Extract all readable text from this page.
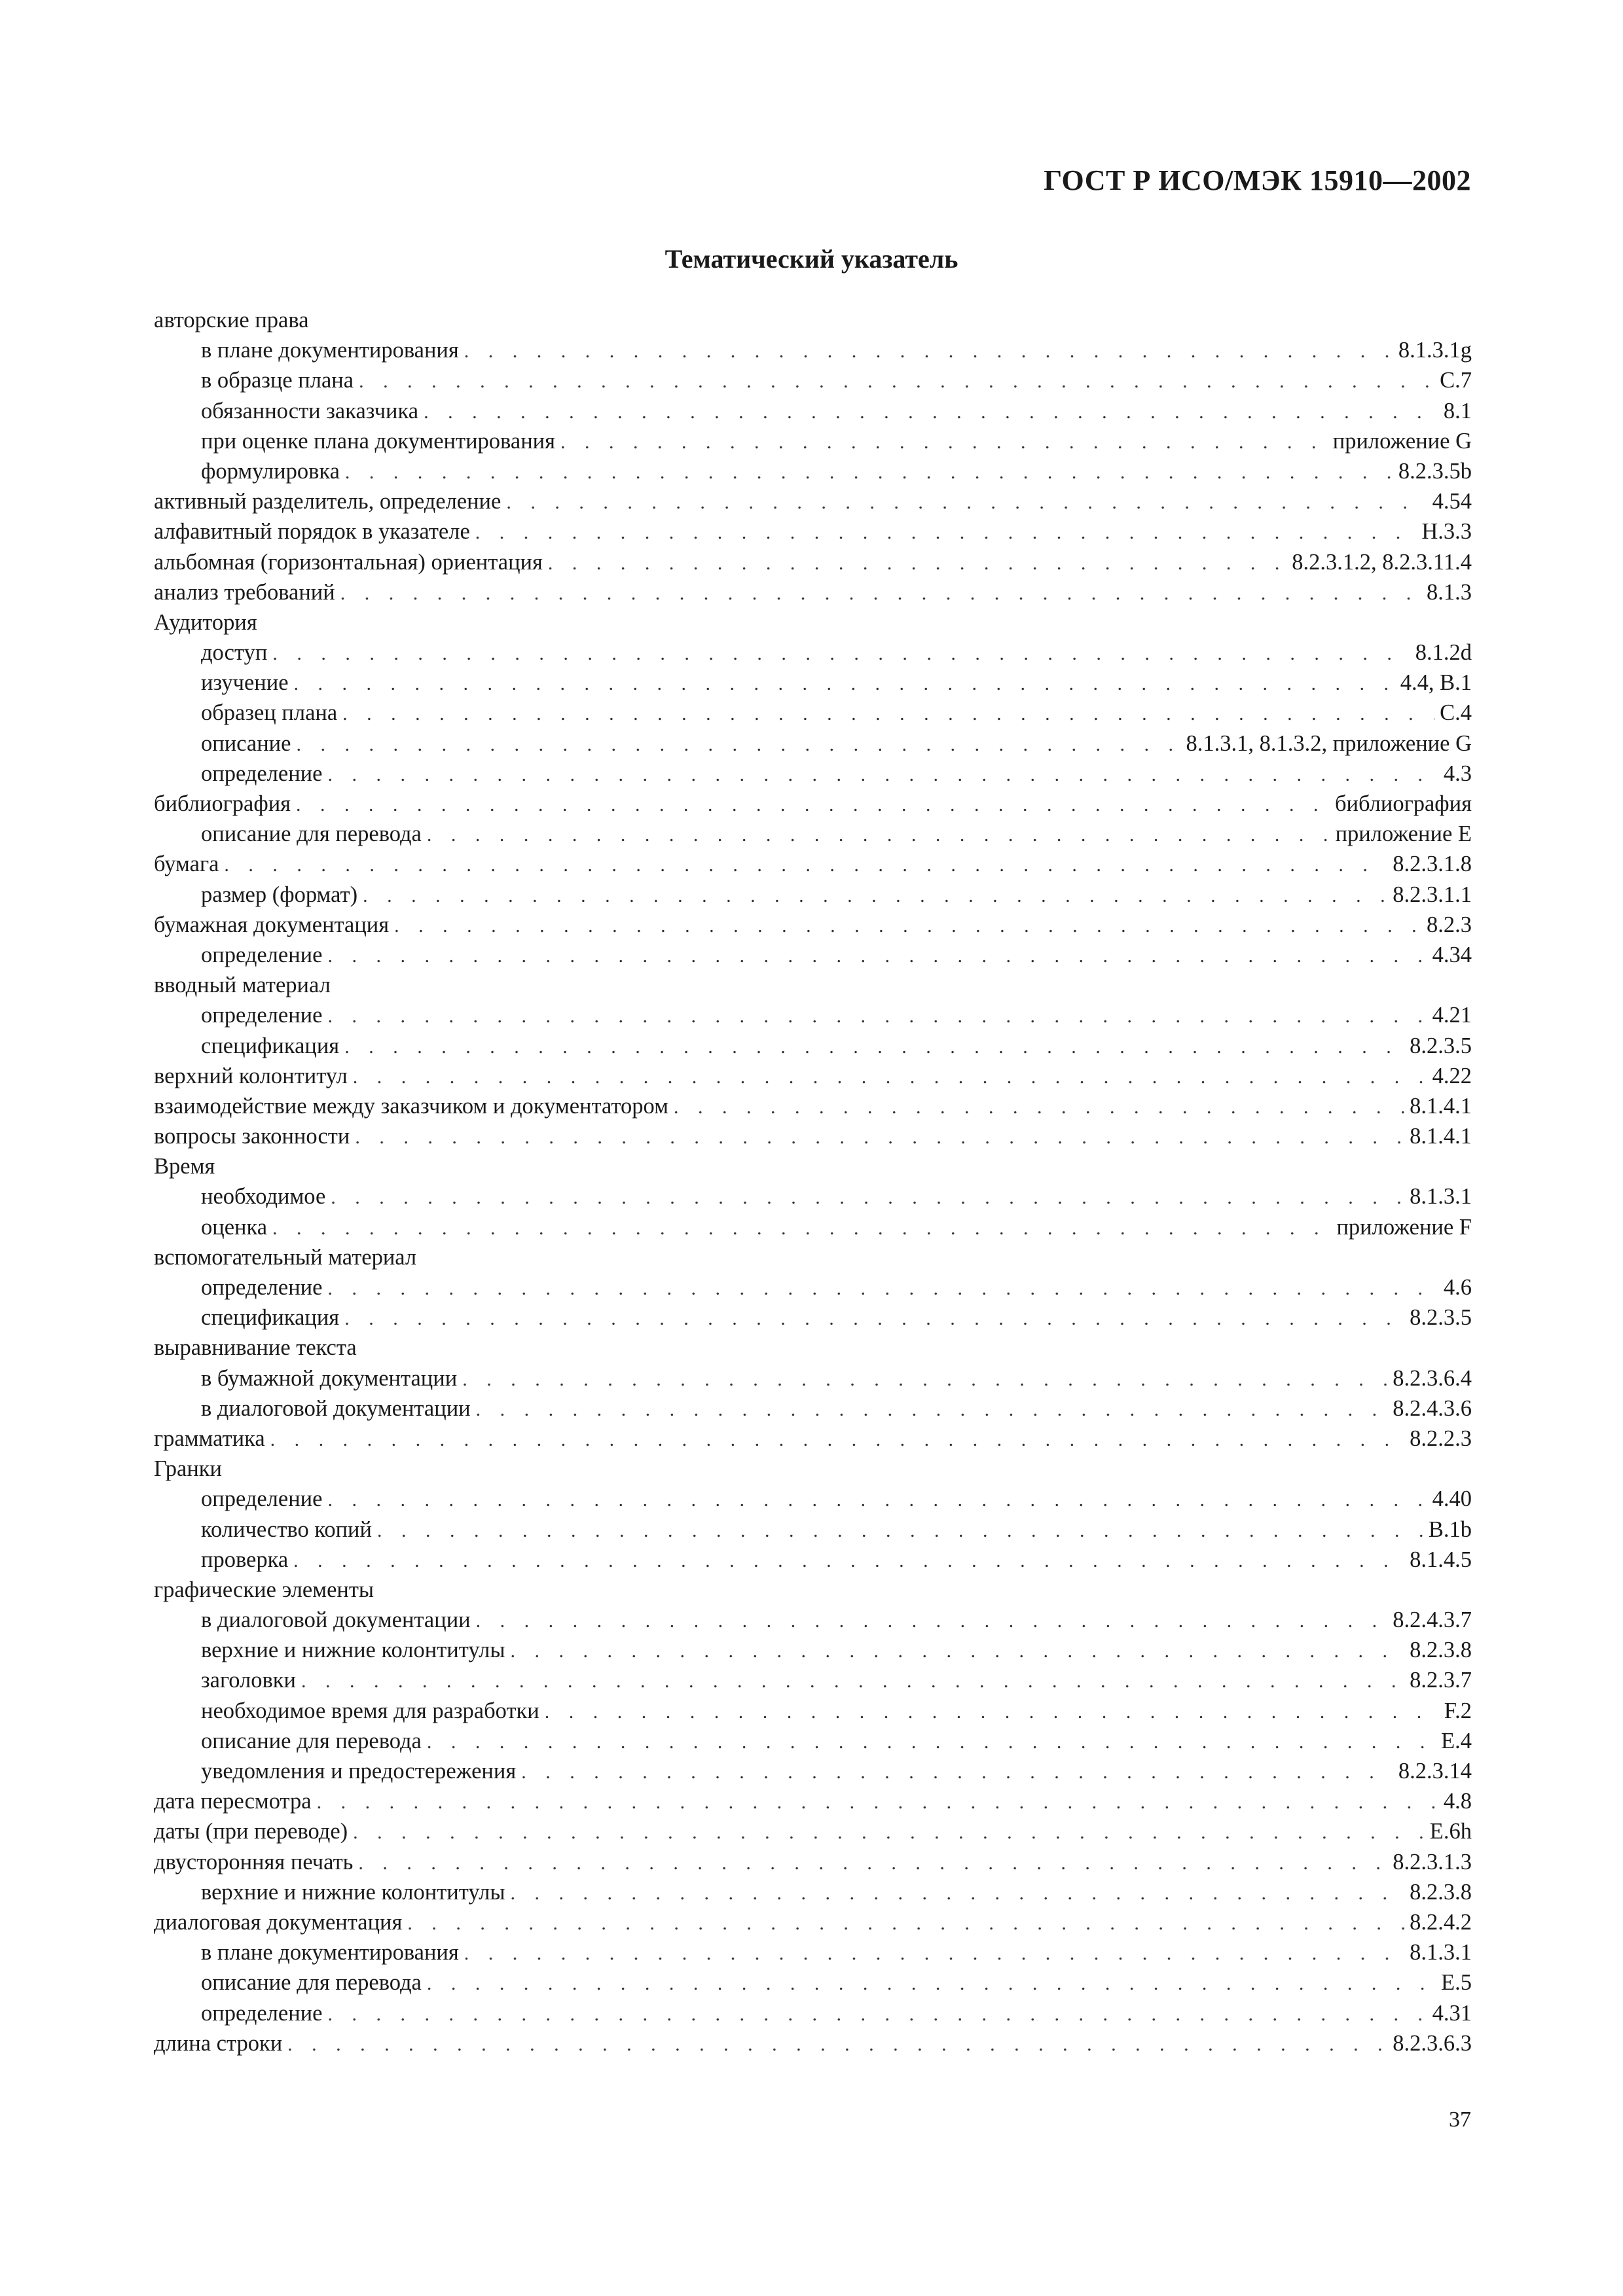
ГОСТ Р ИСО/МЭК 15910—2002
Тематический указатель
авторские права
в плане документирования . . .	8.1.3.1g
в образце плана . . .	С.7
обязанности заказчика . . .	8.1
при оценке плана документирования . . .	приложение G
формулировка . . .	8.2.3.5b
активный разделитель, определение . . .	4.54
алфавитный порядок в указателе . . .	Н.3.3
альбомная (горизонтальная) ориентация . . .	8.2.3.1.2, 8.2.3.11.4
анализ требований . . .	8.1.3
Аудитория
доступ . . .	8.1.2d
изучение . . .	4.4, В.1
образец плана . . .	С.4
описание . . .	8.1.3.1, 8.1.3.2, приложение G
определение . . .	4.3
библиография . . .	библиография
описание для перевода . . .	приложение Е
бумага . . .	8.2.3.1.8
размер (формат) . . .	8.2.3.1.1
бумажная документация . . .	8.2.3
определение . . .	4.34
вводный материал
определение . . .	4.21
спецификация . . .	8.2.3.5
верхний колонтитул . . .	4.22
взаимодействие между заказчиком и документатором . . .	8.1.4.1
вопросы законности . . .	8.1.4.1
Время
необходимое . . .	8.1.3.1
оценка . . .	приложение F
вспомогательный материал
определение . . .	4.6
спецификация . . .	8.2.3.5
выравнивание текста
в бумажной документации . . .	8.2.3.6.4
в диалоговой документации . . .	8.2.4.3.6
грамматика . . .	8.2.2.3
Гранки
определение . . .	4.40
количество копий . . .	В.1b
проверка . . .	8.1.4.5
графические элементы
в диалоговой документации . . .	8.2.4.3.7
верхние и нижние колонтитулы . . .	8.2.3.8
заголовки . . .	8.2.3.7
необходимое время для разработки . . .	F.2
описание для перевода . . .	Е.4
уведомления и предостережения . . .	8.2.3.14
дата пересмотра . . .	4.8
даты (при переводе) . . .	Е.6h
двусторонняя печать . . .	8.2.3.1.3
верхние и нижние колонтитулы . . .	8.2.3.8
диалоговая документация . . .	8.2.4.2
в плане документирования . . .	8.1.3.1
описание для перевода . . .	Е.5
определение . . .	4.31
длина строки . . .	8.2.3.6.3
37
